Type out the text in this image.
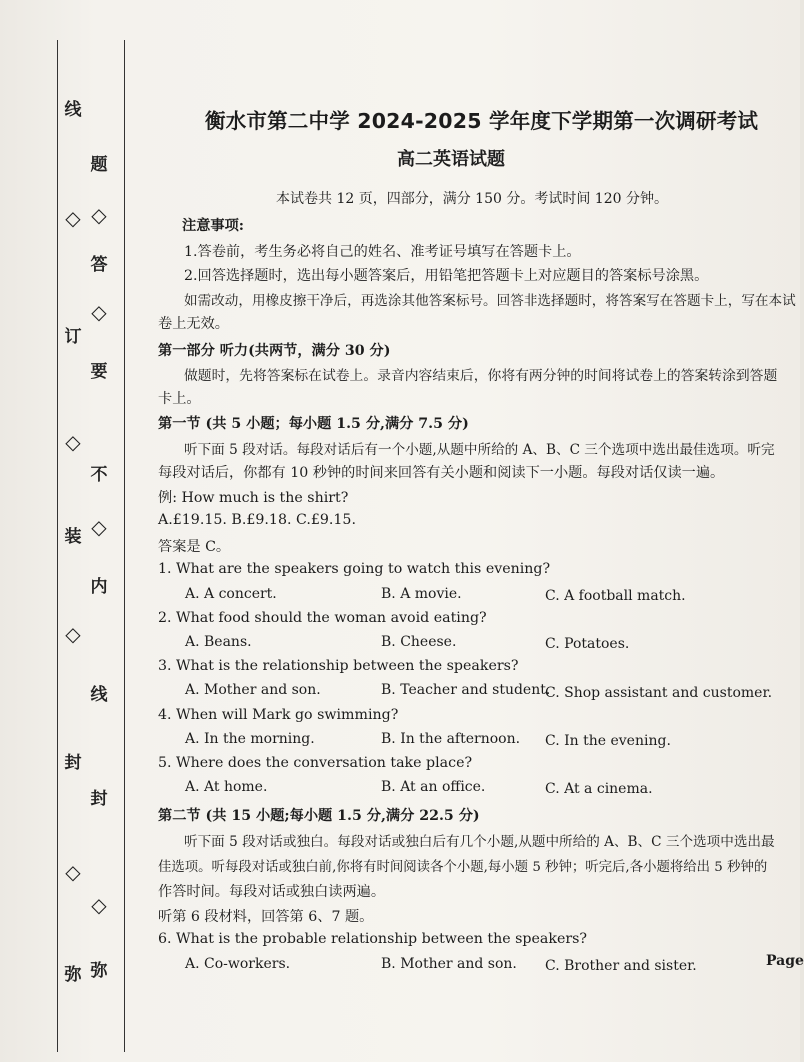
弥
◇
封
◇
装
◇
订
◇
线
弥
◇
封
线
内
◇
不
要
◇
答
◇
题
衡水市第二中学 2024-2025 学年度下学期第一次调研考试
高二英语试题
本试卷共 12 页，四部分，满分 150 分。考试时间 120 分钟。
注意事项:
1.答卷前，考生务必将自己的姓名、准考证号填写在答题卡上。
2.回答选择题时，选出每小题答案后，用铅笔把答题卡上对应题目的答案标号涂黑。
如需改动，用橡皮擦干净后，再选涂其他答案标号。回答非选择题时，将答案写在答题卡上，写在本试
卷上无效。
第一部分 听力(共两节，满分 30 分)
做题时，先将答案标在试卷上。录音内容结束后，你将有两分钟的时间将试卷上的答案转涂到答题
卡上。
第一节 (共 5 小题；每小题 1.5 分,满分 7.5 分)
听下面 5 段对话。每段对话后有一个小题,从题中所给的 A、B、C 三个选项中选出最佳选项。听完
每段对话后，你都有 10 秒钟的时间来回答有关小题和阅读下一小题。每段对话仅读一遍。
例: How much is the shirt?
A.£19.15. B.£9.18. C.£9.15.
答案是 C。
1. What are the speakers going to watch this evening?
A. A concert.	B. A movie.	C. A football match.
2. What food should the woman avoid eating?
A. Beans.	B. Cheese.	C. Potatoes.
3. What is the relationship between the speakers?
A. Mother and son.	B. Teacher and student.
C. Shop assistant and customer.
4. When will Mark go swimming?
A. In the morning.	B. In the afternoon. C. In the evening.
5. Where does the conversation take place?
A. At home.	B. At an office.	C. At a cinema.
第二节 (共 15 小题;每小题 1.5 分,满分 22.5 分)
听下面 5 段对话或独白。每段对话或独白后有几个小题,从题中所给的 A、B、C 三个选项中选出最
佳选项。听每段对话或独白前,你将有时间阅读各个小题,每小题 5 秒钟；听完后,各小题将给出 5 秒钟的
作答时间。每段对话或独白读两遍。
听第 6 段材料，回答第 6、7 题。
6. What is the probable relationship between the speakers?
A. Co-workers.	B. Mother and son. C. Brother and sister.	Page
